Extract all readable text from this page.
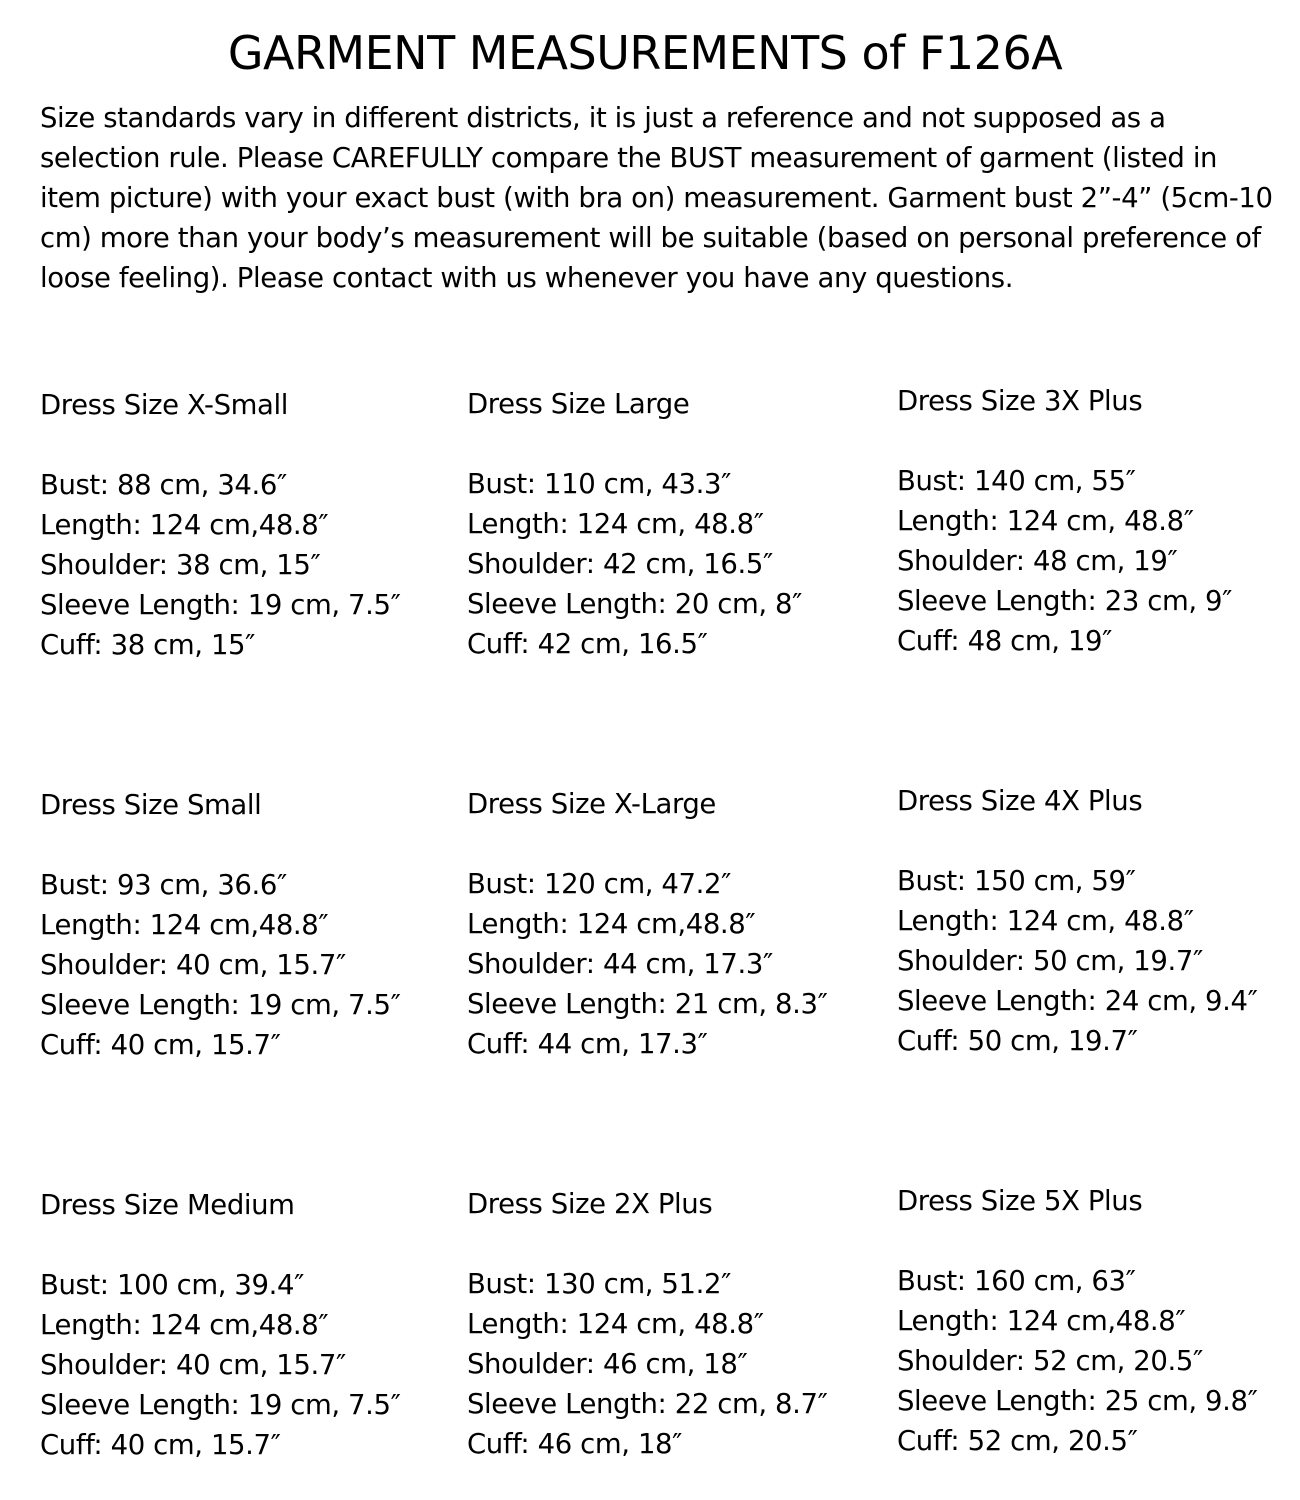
GARMENT MEASUREMENTS of F126A
Size standards vary in different districts, it is just a reference and not supposed as a
selection rule. Please CAREFULLY compare the BUST measurement of garment (listed in
item picture) with your exact bust (with bra on) measurement. Garment bust 2”-4” (5cm-10
cm) more than your body’s measurement will be suitable (based on personal preference of
loose feeling). Please contact with us whenever you have any questions.
Dress Size X-Small
Bust: 88 cm, 34.6″
Length: 124 cm,48.8″
Shoulder: 38 cm, 15″
Sleeve Length: 19 cm, 7.5″
Cuff: 38 cm, 15″
Dress Size Large
Bust: 110 cm, 43.3″
Length: 124 cm, 48.8″
Shoulder: 42 cm, 16.5″
Sleeve Length: 20 cm, 8″
Cuff: 42 cm, 16.5″
Dress Size 3X Plus
Bust: 140 cm, 55″
Length: 124 cm, 48.8″
Shoulder: 48 cm, 19″
Sleeve Length: 23 cm, 9″
Cuff: 48 cm, 19″
Dress Size Small
Bust: 93 cm, 36.6″
Length: 124 cm,48.8″
Shoulder: 40 cm, 15.7″
Sleeve Length: 19 cm, 7.5″
Cuff: 40 cm, 15.7″
Dress Size X-Large
Bust: 120 cm, 47.2″
Length: 124 cm,48.8″
Shoulder: 44 cm, 17.3″
Sleeve Length: 21 cm, 8.3″
Cuff: 44 cm, 17.3″
Dress Size 4X Plus
Bust: 150 cm, 59″
Length: 124 cm, 48.8″
Shoulder: 50 cm, 19.7″
Sleeve Length: 24 cm, 9.4″
Cuff: 50 cm, 19.7″
Dress Size Medium
Bust: 100 cm, 39.4″
Length: 124 cm,48.8″
Shoulder: 40 cm, 15.7″
Sleeve Length: 19 cm, 7.5″
Cuff: 40 cm, 15.7″
Dress Size 2X Plus
Bust: 130 cm, 51.2″
Length: 124 cm, 48.8″
Shoulder: 46 cm, 18″
Sleeve Length: 22 cm, 8.7″
Cuff: 46 cm, 18″
Dress Size 5X Plus
Bust: 160 cm, 63″
Length: 124 cm,48.8″
Shoulder: 52 cm, 20.5″
Sleeve Length: 25 cm, 9.8″
Cuff: 52 cm, 20.5″
